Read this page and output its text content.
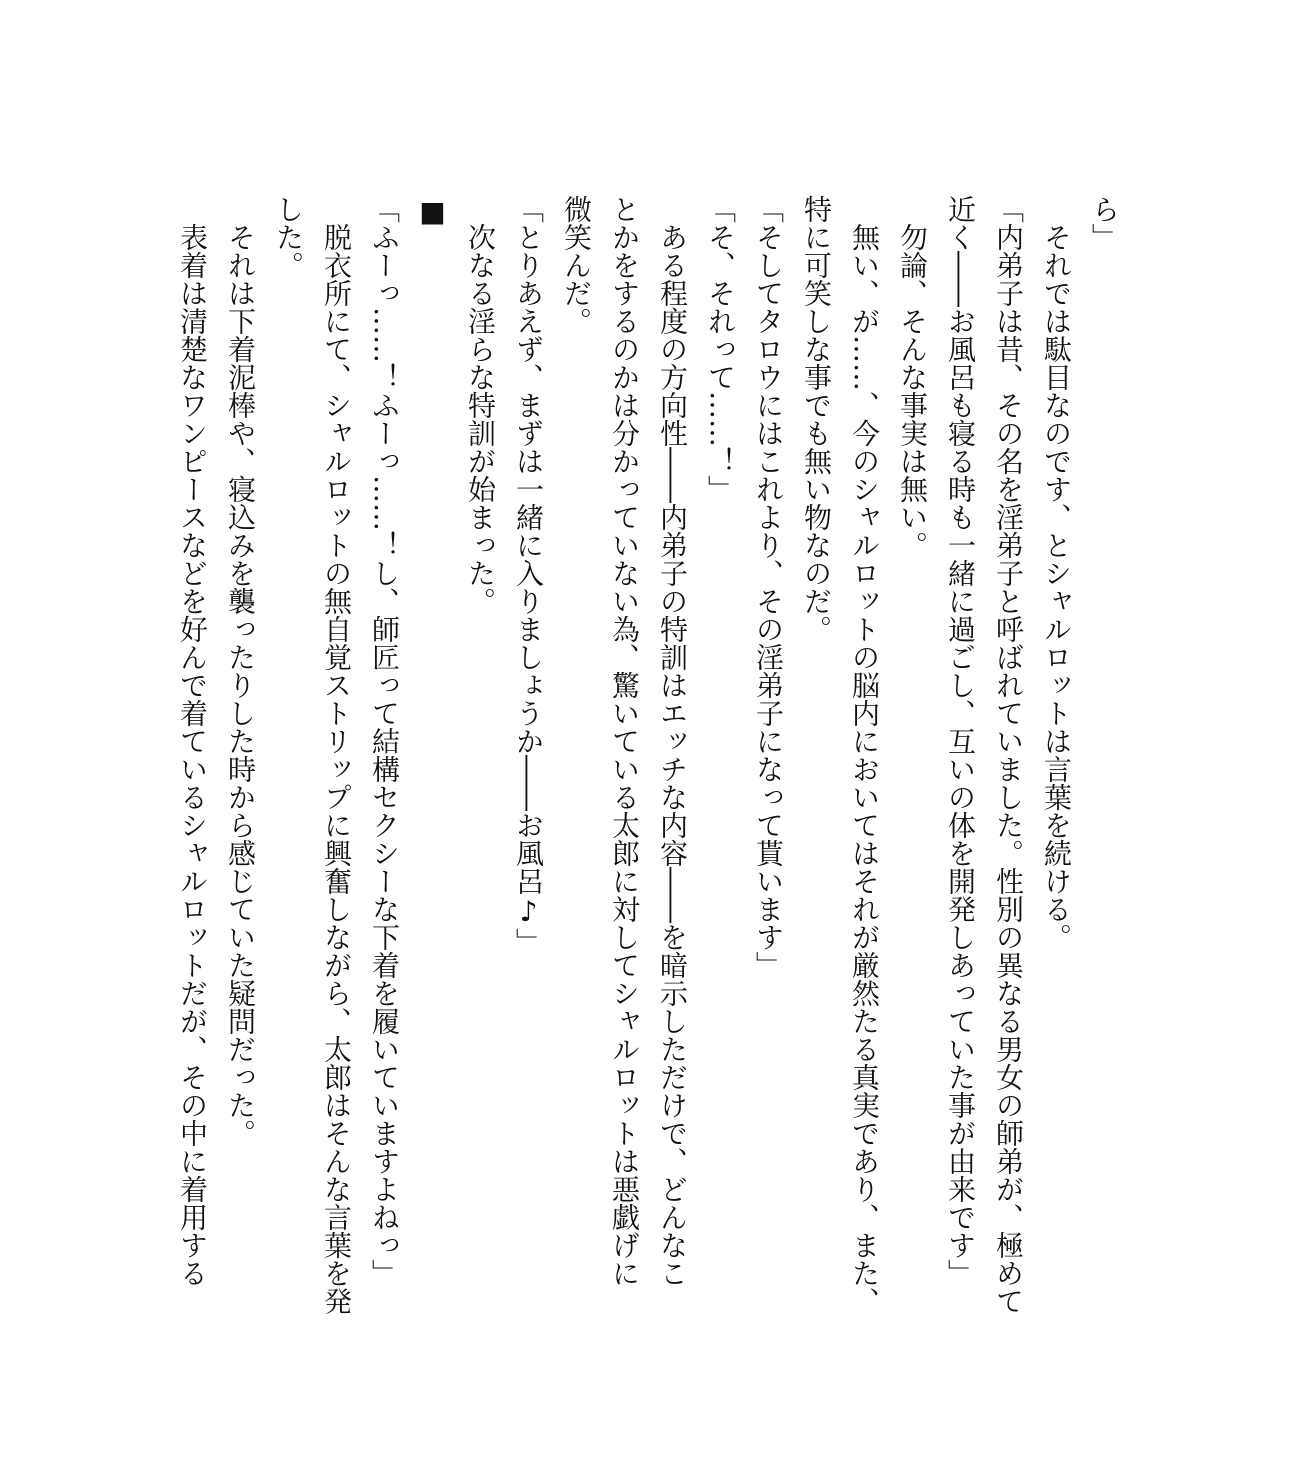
ら」
　それでは駄目なのです、とシャルロットは言葉を続ける。
「内弟子は昔、その名を淫弟子と呼ばれていました。性別の異なる男女の師弟が、極めて
近く――お風呂も寝る時も一緒に過ごし、互いの体を開発しあっていた事が由来です」
　勿論、そんな事実は無い。
　無い、が……、今のシャルロットの脳内においてはそれが厳然たる真実であり、また、
特に可笑しな事でも無い物なのだ。
「そしてタロウにはこれより、その淫弟子になって貰います」
「そ、それって……！」
　ある程度の方向性――内弟子の特訓はエッチな内容――を暗示しただけで、どんなこ
とかをするのかは分かっていない為、驚いている太郎に対してシャルロットは悪戯げに
微笑んだ。
「とりあえず、まずは一緒に入りましょうか――お風呂♪」
　次なる淫らな特訓が始まった。
■
「ふーっ……！ふーっ……！し、師匠って結構セクシーな下着を履いていますよねっ」
　脱衣所にて、シャルロットの無自覚ストリップに興奮しながら、太郎はそんな言葉を発
した。
　それは下着泥棒や、寝込みを襲ったりした時から感じていた疑問だった。
　表着は清楚なワンピースなどを好んで着ているシャルロットだが、その中に着用する
